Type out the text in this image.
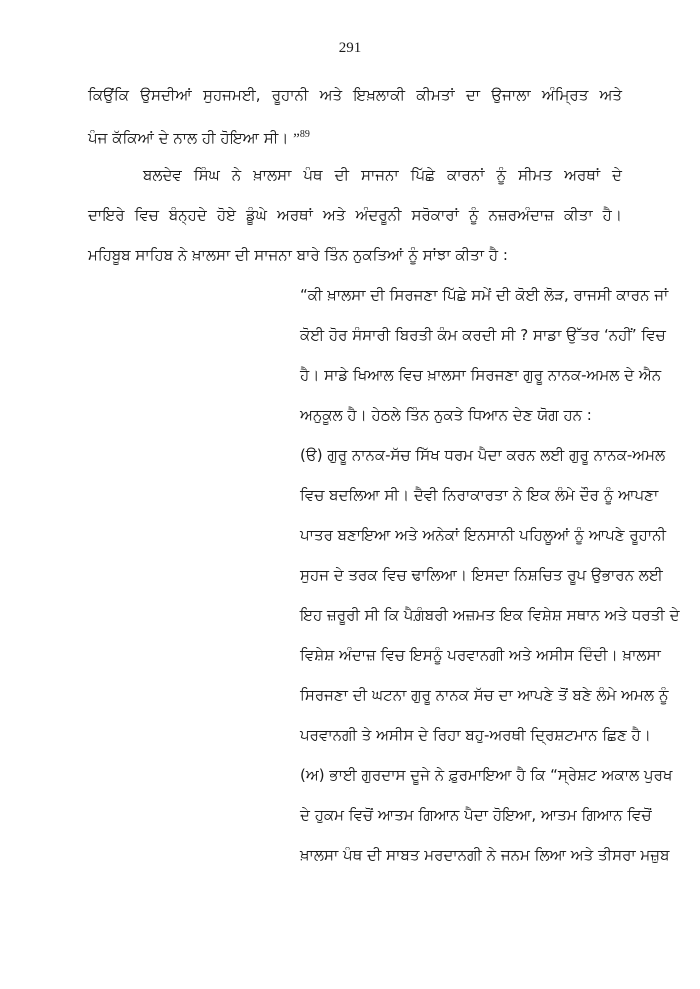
291
ਕਿਉਂਕਿ ਉਸਦੀਆਂ ਸੁਹਜਮਈ, ਰੂਹਾਨੀ ਅਤੇ ਇਖ਼ਲਾਕੀ ਕੀਮਤਾਂ ਦਾ ਉਜਾਲਾ ਅੰਮ੍ਰਿਤ ਅਤੇ
ਪੰਜ ਕੱਕਿਆਂ ਦੇ ਨਾਲ ਹੀ ਹੋਇਆ ਸੀ। ”$^{89}$
ਬਲਦੇਵ ਸਿੰਘ ਨੇ ਖ਼ਾਲਸਾ ਪੰਥ ਦੀ ਸਾਜਨਾ ਪਿੱਛੇ ਕਾਰਨਾਂ ਨੂੰ ਸੀਮਤ ਅਰਥਾਂ ਦੇ
ਦਾਇਰੇ ਵਿਚ ਬੰਨ੍ਹਦੇ ਹੋਏ ਡੂੰਘੇ ਅਰਥਾਂ ਅਤੇ ਅੰਦਰੂਨੀ ਸਰੋਕਾਰਾਂ ਨੂੰ ਨਜ਼ਰਅੰਦਾਜ਼ ਕੀਤਾ ਹੈ।
ਮਹਿਬੂਬ ਸਾਹਿਬ ਨੇ ਖ਼ਾਲਸਾ ਦੀ ਸਾਜਨਾ ਬਾਰੇ ਤਿੰਨ ਨੁਕਤਿਆਂ ਨੂੰ ਸਾਂਝਾ ਕੀਤਾ ਹੈ :
“ਕੀ ਖ਼ਾਲਸਾ ਦੀ ਸਿਰਜਣਾ ਪਿੱਛੇ ਸਮੇਂ ਦੀ ਕੋਈ ਲੋੜ, ਰਾਜਸੀ ਕਾਰਨ ਜਾਂ
ਕੋਈ ਹੋਰ ਸੰਸਾਰੀ ਬਿਰਤੀ ਕੰਮ ਕਰਦੀ ਸੀ ? ਸਾਡਾ ਉੱਤਰ ‘ਨਹੀਂ’ ਵਿਚ
ਹੈ। ਸਾਡੇ ਖਿਆਲ ਵਿਚ ਖ਼ਾਲਸਾ ਸਿਰਜਣਾ ਗੁਰੂ ਨਾਨਕ-ਅਮਲ ਦੇ ਐਨ
ਅਨੁਕੂਲ ਹੈ। ਹੇਠਲੇ ਤਿੰਨ ਨੁਕਤੇ ਧਿਆਨ ਦੇਣ ਯੋਗ ਹਨ :
(ੳ) ਗੁਰੂ ਨਾਨਕ-ਸੱਚ ਸਿੱਖ ਧਰਮ ਪੈਦਾ ਕਰਨ ਲਈ ਗੁਰੂ ਨਾਨਕ-ਅਮਲ
ਵਿਚ ਬਦਲਿਆ ਸੀ। ਦੈਵੀ ਨਿਰਾਕਾਰਤਾ ਨੇ ਇਕ ਲੰਮੇ ਦੌਰ ਨੂੰ ਆਪਣਾ
ਪਾਤਰ ਬਣਾਇਆ ਅਤੇ ਅਨੇਕਾਂ ਇਨਸਾਨੀ ਪਹਿਲੂਆਂ ਨੂੰ ਆਪਣੇ ਰੂਹਾਨੀ
ਸੁਹਜ ਦੇ ਤਰਕ ਵਿਚ ਢਾਲਿਆ। ਇਸਦਾ ਨਿਸ਼ਚਿਤ ਰੂਪ ਉਭਾਰਨ ਲਈ
ਇਹ ਜ਼ਰੂਰੀ ਸੀ ਕਿ ਪੈਗ਼ੰਬਰੀ ਅਜ਼ਮਤ ਇਕ ਵਿਸ਼ੇਸ਼ ਸਥਾਨ ਅਤੇ ਧਰਤੀ ਦੇ
ਵਿਸ਼ੇਸ਼ ਅੰਦਾਜ਼ ਵਿਚ ਇਸਨੂੰ ਪਰਵਾਨਗੀ ਅਤੇ ਅਸੀਸ ਦਿੰਦੀ। ਖ਼ਾਲਸਾ
ਸਿਰਜਣਾ ਦੀ ਘਟਨਾ ਗੁਰੂ ਨਾਨਕ ਸੱਚ ਦਾ ਆਪਣੇ ਤੋਂ ਬਣੇ ਲੰਮੇ ਅਮਲ ਨੂੰ
ਪਰਵਾਨਗੀ ਤੇ ਅਸੀਸ ਦੇ ਰਿਹਾ ਬਹੁ-ਅਰਥੀ ਦ੍ਰਿਸ਼ਟਮਾਨ ਛਿਣ ਹੈ।
(ਅ) ਭਾਈ ਗੁਰਦਾਸ ਦੂਜੇ ਨੇ ਫ਼ੁਰਮਾਇਆ ਹੈ ਕਿ “ਸ੍ਰੇਸ਼ਟ ਅਕਾਲ ਪੁਰਖ
ਦੇ ਹੁਕਮ ਵਿਚੋਂ ਆਤਮ ਗਿਆਨ ਪੈਦਾ ਹੋਇਆ, ਆਤਮ ਗਿਆਨ ਵਿਚੋਂ
ਖ਼ਾਲਸਾ ਪੰਥ ਦੀ ਸਾਬਤ ਮਰਦਾਨਗੀ ਨੇ ਜਨਮ ਲਿਆ ਅਤੇ ਤੀਸਰਾ ਮਜ਼ੁਬ
